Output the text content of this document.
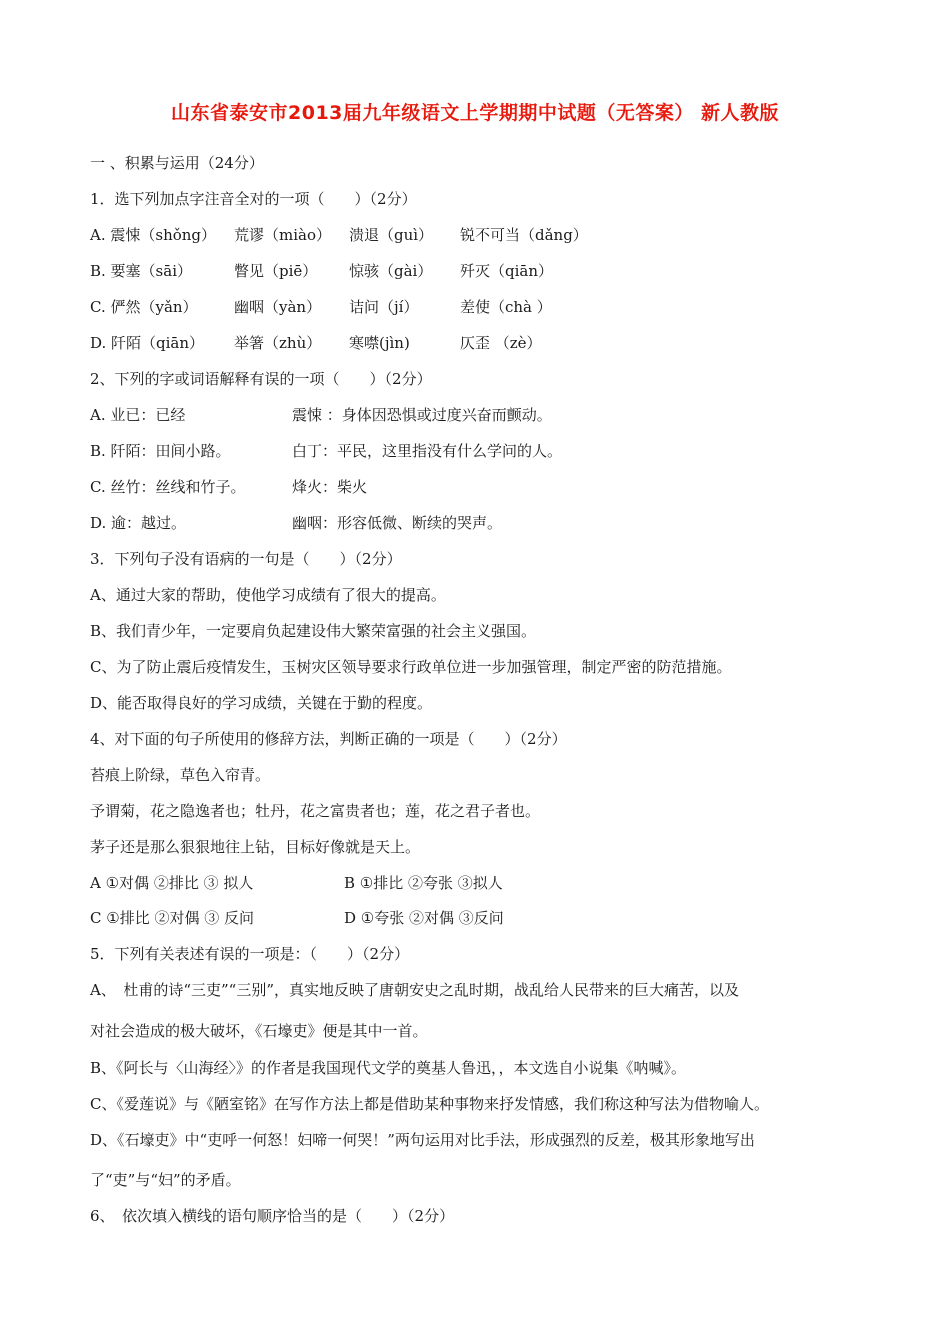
山东省泰安市2013届九年级语文上学期期中试题（无答案） 新人教版
一 、积累与运用（24分）
1．选下列加点字注音全对的一项（　　）（2分）
A. 震悚（shǒng） 荒谬（miào） 溃退（guì） 锐不可当（dǎng）
B. 要塞（sāi）	瞥见（piē） 惊骇（gài） 歼灭（qiān）
C. 俨然（yǎn） 幽咽（yàn） 诘问（jí）	差使（chà ）
D. 阡陌（qiān） 举箸（zhù） 寒噤(jìn)	仄歪 （zè）
2、下列的字或词语解释有误的一项（　　）（2分）
A. 业已：已经	震悚 ：身体因恐惧或过度兴奋而颤动。
B. 阡陌：田间小路。	白丁：平民，这里指没有什么学问的人。
C. 丝竹：丝线和竹子。	烽火：柴火
D. 逾：越过。	幽咽：形容低微、断续的哭声。
3．下列句子没有语病的一句是（　　）（2分）
A、通过大家的帮助，使他学习成绩有了很大的提高。
B、我们青少年，一定要肩负起建设伟大繁荣富强的社会主义强国。
C、为了防止震后疫情发生，玉树灾区领导要求行政单位进一步加强管理，制定严密的防范措施。
D、能否取得良好的学习成绩，关键在于勤的程度。
4、对下面的句子所使用的修辞方法，判断正确的一项是（　　）（2分）
苔痕上阶绿，草色入帘青。
予谓菊，花之隐逸者也；牡丹，花之富贵者也；莲，花之君子者也。
茅子还是那么狠狠地往上钻，目标好像就是天上。
A ①对偶 ②排比 ③ 拟人	B ①排比 ②夸张 ③拟人
C ①排比 ②对偶 ③ 反问	D ①夸张 ②对偶 ③反问
5．下列有关表述有误的一项是：（　　）（2分）
A、　杜甫的诗“三吏”“三别”，真实地反映了唐朝安史之乱时期，战乱给人民带来的巨大痛苦，以及
对社会造成的极大破坏，《石壕吏》便是其中一首。
B、《阿长与〈山海经〉》的作者是我国现代文学的奠基人鲁迅，，本文选自小说集《呐喊》。
C、《爱莲说》与《陋室铭》在写作方法上都是借助某种事物来抒发情感，我们称这种写法为借物喻人。
D、《石壕吏》中“吏呼一何怒！妇啼一何哭！”两句运用对比手法，形成强烈的反差，极其形象地写出
了“吏”与“妇”的矛盾。
6、　依次填入横线的语句顺序恰当的是（　　）（2分）
